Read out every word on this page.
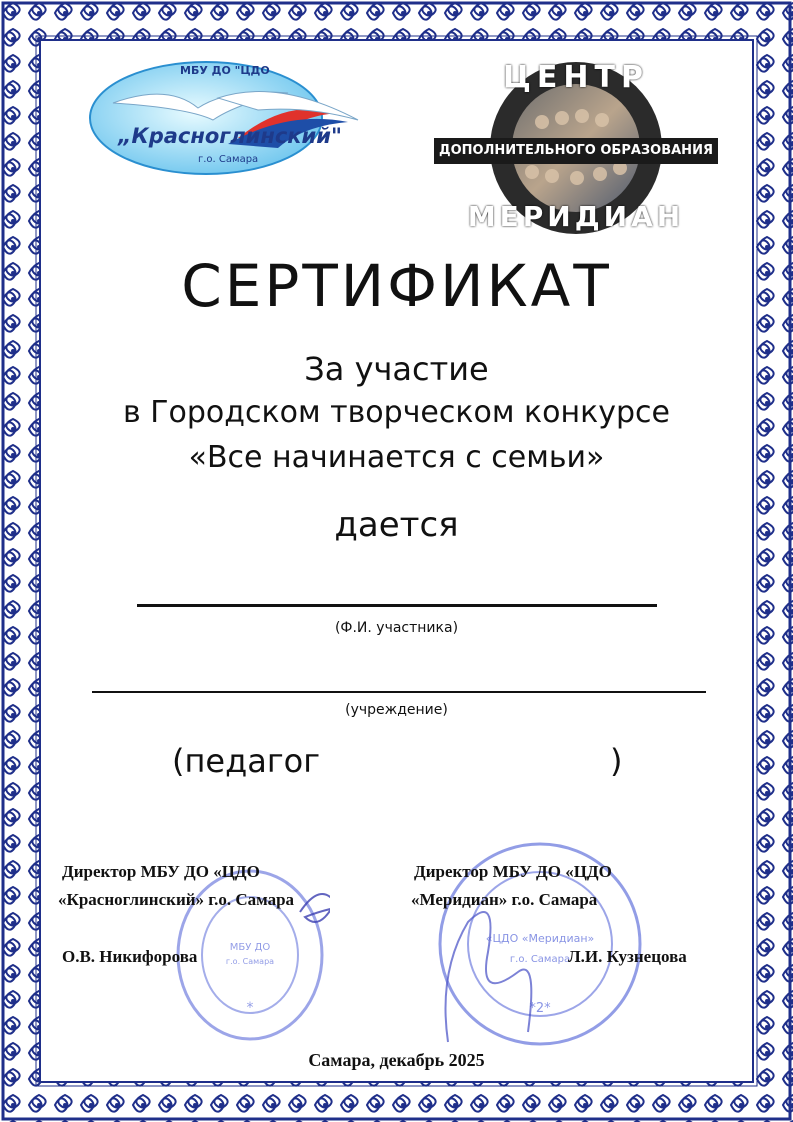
МБУ ДО "ЦДО
„Красноглинский"
г.о. Самара
ЦЕНТР
ДОПОЛНИТЕЛЬНОГО ОБРАЗОВАНИЯ
МЕРИДИАН
СЕРТИФИКАТ
За участие
в Городском творческом конкурсе
«Все начинается с семьи»
дается
(Ф.И. участника)
(учреждение)
(педагог	)
МБУ ДО
г.о. Самара
*
«ЦДО «Меридиан»
г.о. Самара
*2*
Директор МБУ ДО «ЦДО
«Красноглинский» г.о. Самара
О.В. Никифорова
Директор МБУ ДО «ЦДО
«Меридиан» г.о. Самара
Л.И. Кузнецова
Самара, декабрь 2025
